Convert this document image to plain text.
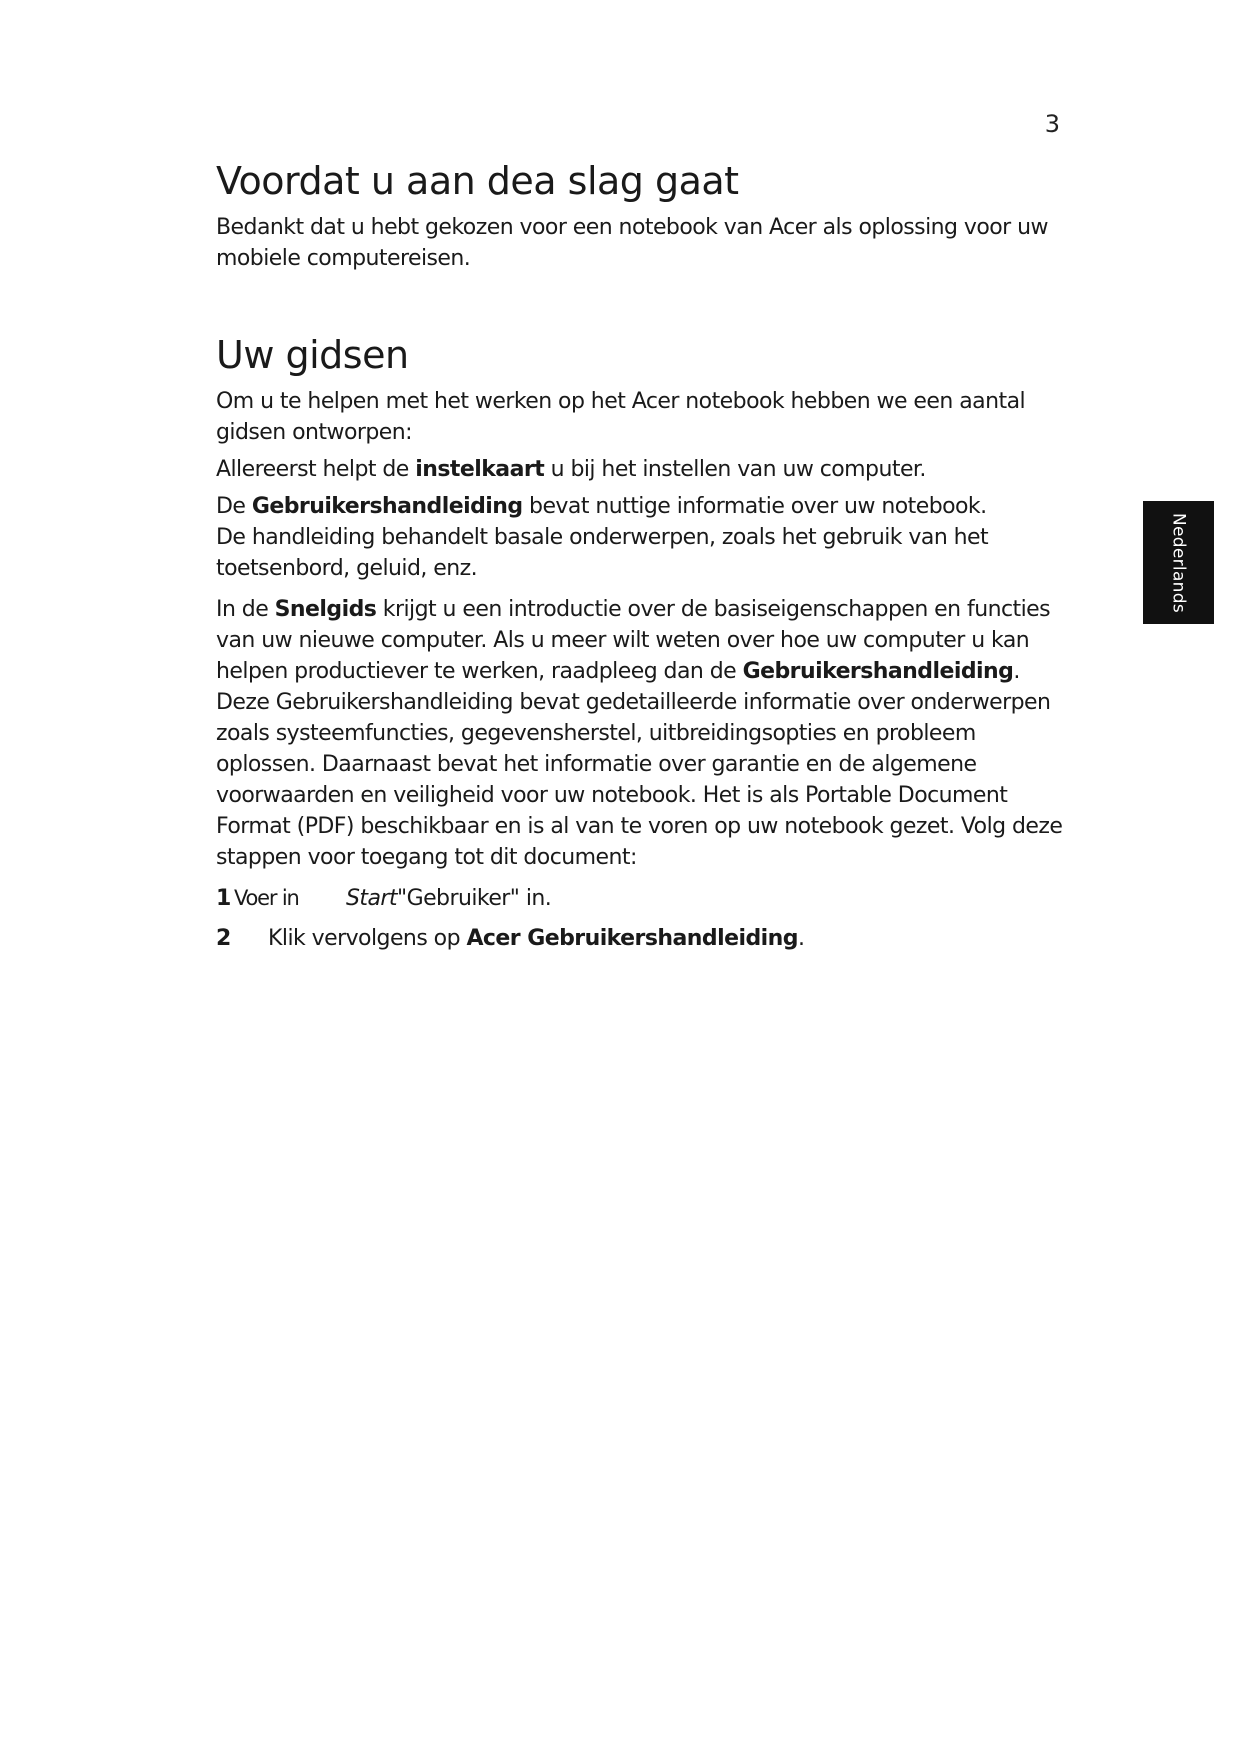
3
Nederlands
Voordat u aan dea slag gaat

Bedankt dat u hebt gekozen voor een notebook van Acer als oplossing voor uw mobiele computereisen.

Uw gidsen

Om u te helpen met het werken op het Acer notebook hebben we een aantal gidsen ontworpen:

Allereerst helpt de instelkaart u bij het instellen van uw computer.

De Gebruikershandleiding bevat nuttige informatie over uw notebook.
De handleiding behandelt basale onderwerpen, zoals het gebruik van het toetsenbord, geluid, enz.

In de Snelgids krijgt u een introductie over de basiseigenschappen en functies van uw nieuwe computer. Als u meer wilt weten over hoe uw computer u kan helpen productiever te werken, raadpleeg dan de Gebruikershandleiding. Deze Gebruikershandleiding bevat gedetailleerde informatie over onderwerpen zoals systeemfuncties, gegevensherstel, uitbreidingsopties en probleem oplossen. Daarnaast bevat het informatie over garantie en de algemene voorwaarden en veiligheid voor uw notebook. Het is als Portable Document Format (PDF) beschikbaar en is al van te voren op uw notebook gezet. Volg deze stappen voor toegang tot dit document:

1 Voer in	Start"Gebruiker" in.
2	Klik vervolgens op Acer Gebruikershandleiding.
